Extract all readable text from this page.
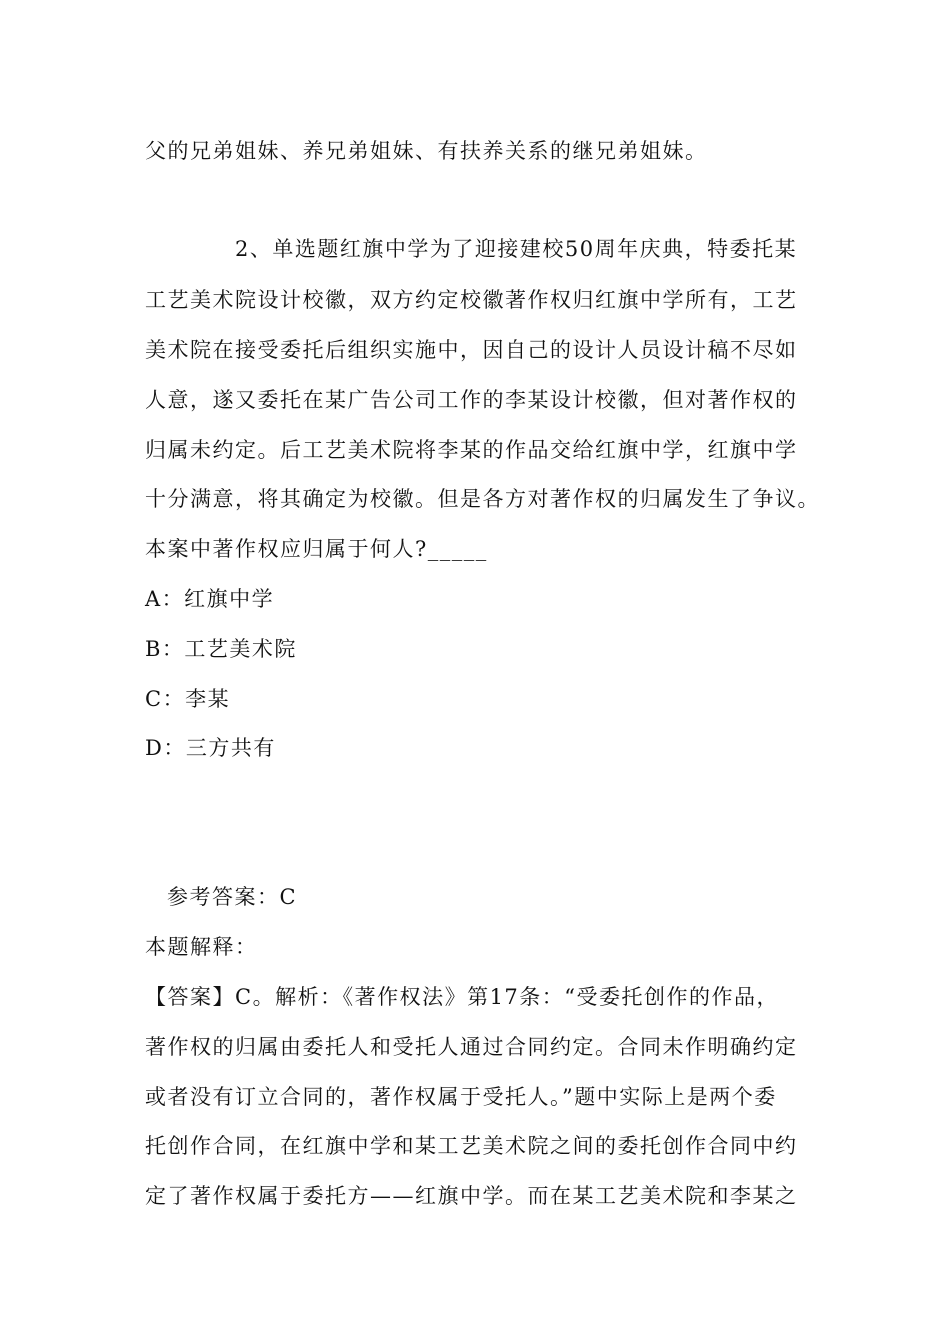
父的兄弟姐妹、养兄弟姐妹、有扶养关系的继兄弟姐妹。
2、单选题红旗中学为了迎接建校50周年庆典，特委托某
工艺美术院设计校徽，双方约定校徽著作权归红旗中学所有，工艺
美术院在接受委托后组织实施中，因自己的设计人员设计稿不尽如
人意，遂又委托在某广告公司工作的李某设计校徽，但对著作权的
归属未约定。后工艺美术院将李某的作品交给红旗中学，红旗中学
十分满意，将其确定为校徽。但是各方对著作权的归属发生了争议。
本案中著作权应归属于何人?_____
A：红旗中学
B：工艺美术院
C：李某
D：三方共有
参考答案：C
本题解释：
【答案】C。解析：《著作权法》第17条：“受委托创作的作品，
著作权的归属由委托人和受托人通过合同约定。合同未作明确约定
或者没有订立合同的，著作权属于受托人。”题中实际上是两个委
托创作合同，在红旗中学和某工艺美术院之间的委托创作合同中约
定了著作权属于委托方——红旗中学。而在某工艺美术院和李某之
